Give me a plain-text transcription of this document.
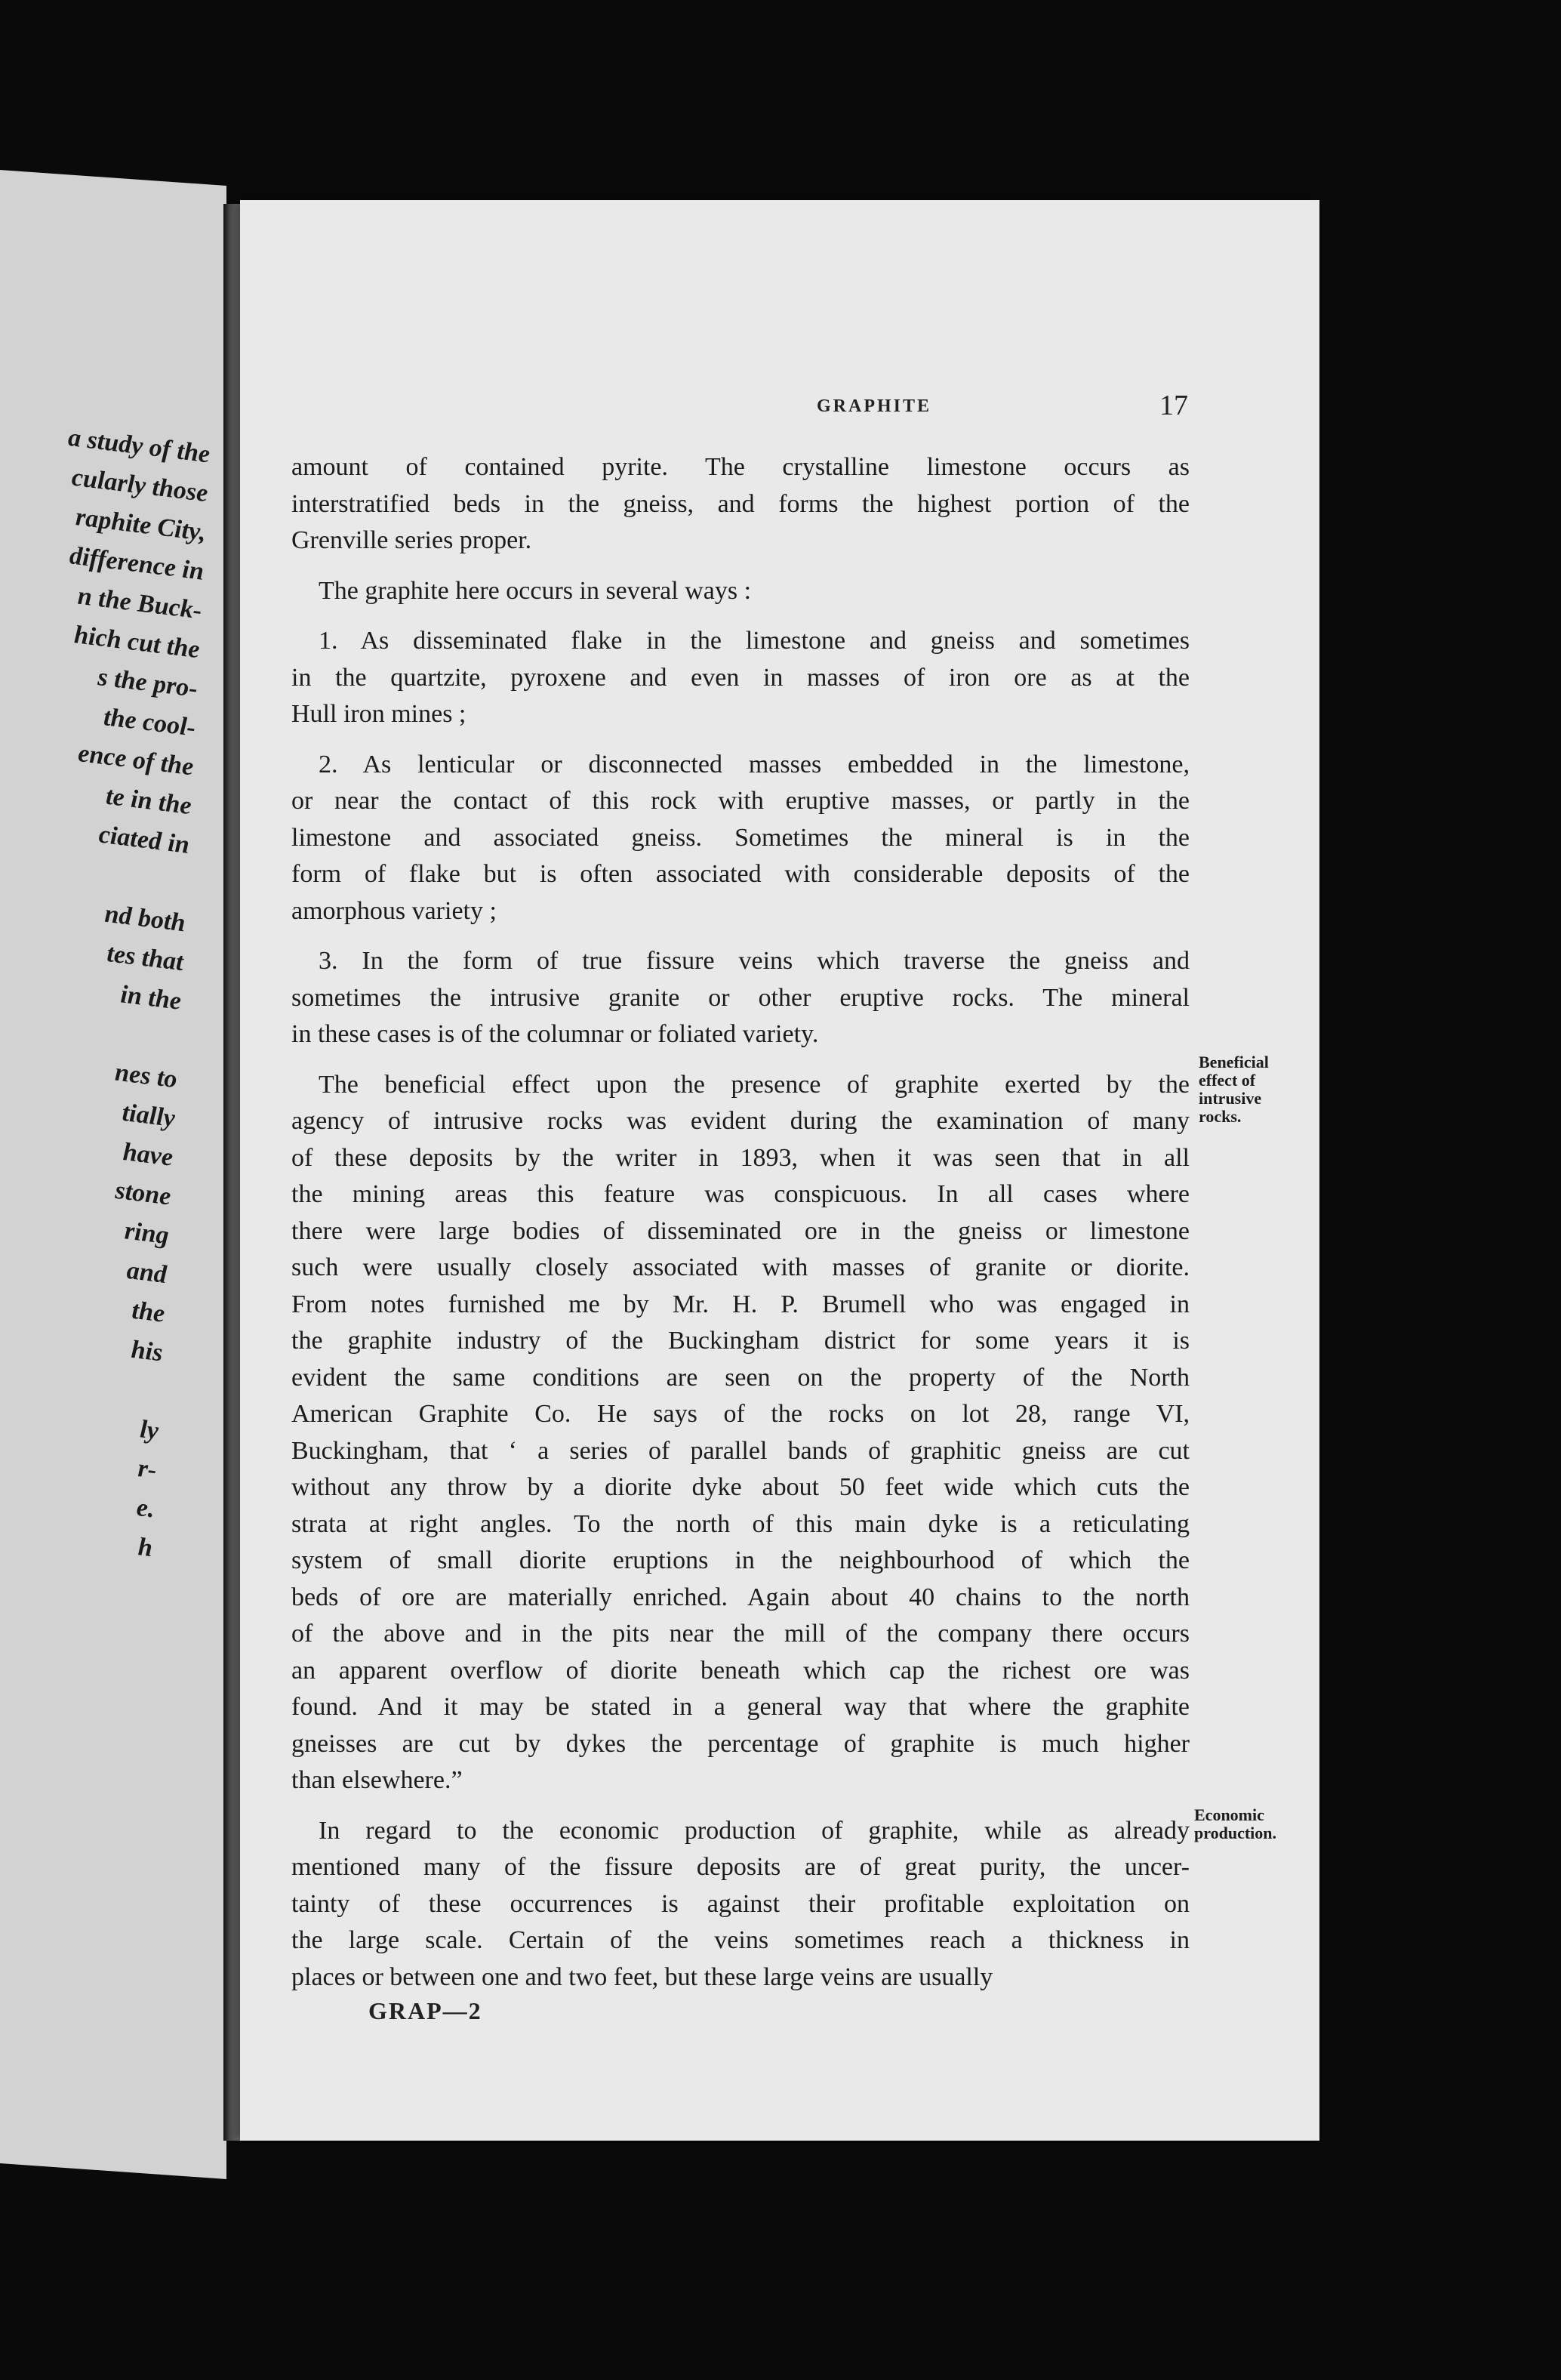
a study of the
cularly those
raphite City,
difference in
n the Buck-
hich cut the
s the pro-
the cool-
ence of the
te in the
ciated in
nd both
tes that
in the
nes to
tially
have
stone
ring
and
the
his
ly
r-
e.
h
GRAPHITE	17
amount of contained pyrite. The crystalline limestone occurs as
interstratified beds in the gneiss, and forms the highest portion of the
Grenville series proper.
The graphite here occurs in several ways :
1. As disseminated flake in the limestone and gneiss and sometimes
in the quartzite, pyroxene and even in masses of iron ore as at the
Hull iron mines ;
2. As lenticular or disconnected masses embedded in the limestone,
or near the contact of this rock with eruptive masses, or partly in the
limestone and associated gneiss. Sometimes the mineral is in the
form of flake but is often associated with considerable deposits of the
amorphous variety ;
3. In the form of true fissure veins which traverse the gneiss and
sometimes the intrusive granite or other eruptive rocks. The mineral
in these cases is of the columnar or foliated variety.
The beneficial effect upon the presence of graphite exerted by the
agency of intrusive rocks was evident during the examination of many
of these deposits by the writer in 1893, when it was seen that in all
the mining areas this feature was conspicuous. In all cases where
there were large bodies of disseminated ore in the gneiss or limestone
such were usually closely associated with masses of granite or diorite.
From notes furnished me by Mr. H. P. Brumell who was engaged in
the graphite industry of the Buckingham district for some years it is
evident the same conditions are seen on the property of the North
American Graphite Co. He says of the rocks on lot 28, range VI,
Buckingham, that ‘ a series of parallel bands of graphitic gneiss are cut
without any throw by a diorite dyke about 50 feet wide which cuts the
strata at right angles. To the north of this main dyke is a reticulating
system of small diorite eruptions in the neighbourhood of which the
beds of ore are materially enriched. Again about 40 chains to the north
of the above and in the pits near the mill of the company there occurs
an apparent overflow of diorite beneath which cap the richest ore was
found. And it may be stated in a general way that where the graphite
gneisses are cut by dykes the percentage of graphite is much higher
than elsewhere.”
In regard to the economic production of graphite, while as already
mentioned many of the fissure deposits are of great purity, the uncer-
tainty of these occurrences is against their profitable exploitation on
the large scale. Certain of the veins sometimes reach a thickness in
places or between one and two feet, but these large veins are usually
Beneficial
effect of
intrusive
rocks.
Economic
production.
GRAP—2
